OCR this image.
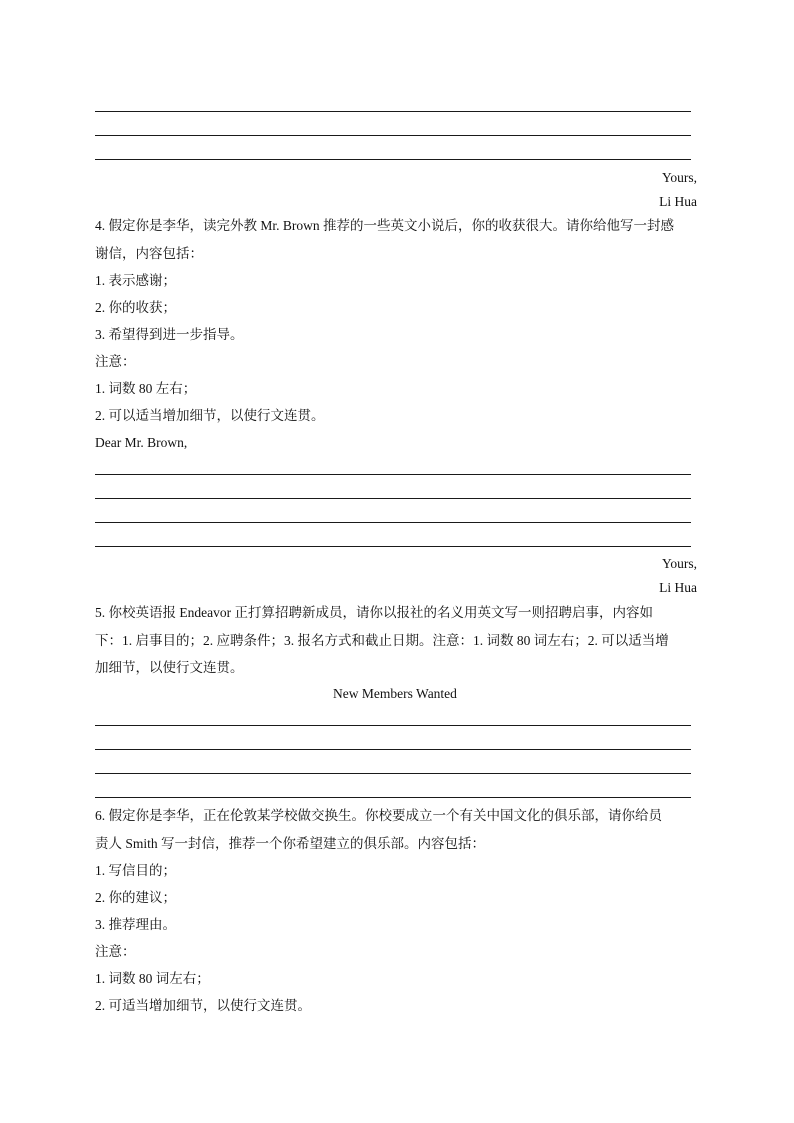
Yours,
Li Hua
4. 假定你是李华，读完外教 Mr. Brown 推荐的一些英文小说后，你的收获很大。请你给他写一封感
谢信，内容包括：
1. 表示感谢；
2. 你的收获；
3. 希望得到进一步指导。
注意：
1. 词数 80 左右；
2. 可以适当增加细节，以使行文连贯。
Dear Mr. Brown,
Yours,
Li Hua
5. 你校英语报 Endeavor 正打算招聘新成员，请你以报社的名义用英文写一则招聘启事，内容如
下：1. 启事目的；2. 应聘条件；3. 报名方式和截止日期。注意：1. 词数 80 词左右；2. 可以适当增
加细节，以使行文连贯。
New Members Wanted
6. 假定你是李华，正在伦敦某学校做交换生。你校要成立一个有关中国文化的俱乐部，请你给员
责人 Smith 写一封信，推荐一个你希望建立的俱乐部。内容包括：
1. 写信目的；
2. 你的建议；
3. 推荐理由。
注意：
1. 词数 80 词左右；
2. 可适当增加细节，以使行文连贯。
